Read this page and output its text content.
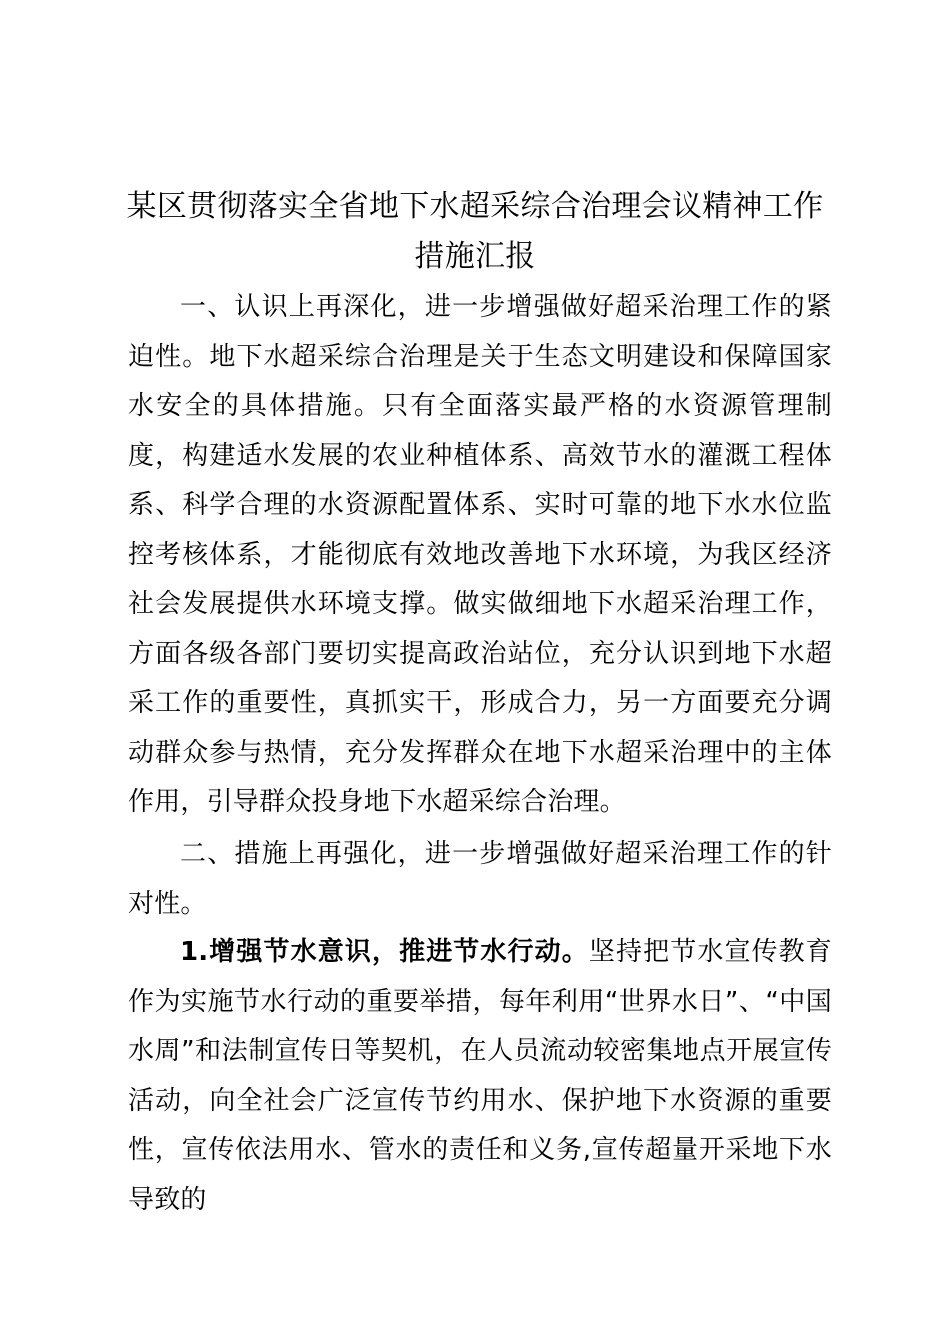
某区贯彻落实全省地下水超采综合治理会议精神工作措施汇报

一、认识上再深化，进一步增强做好超采治理工作的紧迫性。地下水超采综合治理是关于生态文明建设和保障国家水安全的具体措施。只有全面落实最严格的水资源管理制度，构建适水发展的农业种植体系、高效节水的灌溉工程体系、科学合理的水资源配置体系、实时可靠的地下水水位监控考核体系，才能彻底有效地改善地下水环境，为我区经济社会发展提供水环境支撑。做实做细地下水超采治理工作，方面各级各部门要切实提高政治站位，充分认识到地下水超采工作的重要性，真抓实干，形成合力，另一方面要充分调动群众参与热情，充分发挥群众在地下水超采治理中的主体作用，引导群众投身地下水超采综合治理。

二、措施上再强化，进一步增强做好超采治理工作的针对性。

1.增强节水意识，推进节水行动。坚持把节水宣传教育作为实施节水行动的重要举措，每年利用“世界水日”、“中国水周”和法制宣传日等契机，在人员流动较密集地点开展宣传活动，向全社会广泛宣传节约用水、保护地下水资源的重要性，宣传依法用水、管水的责任和义务,宣传超量开采地下水导致的
